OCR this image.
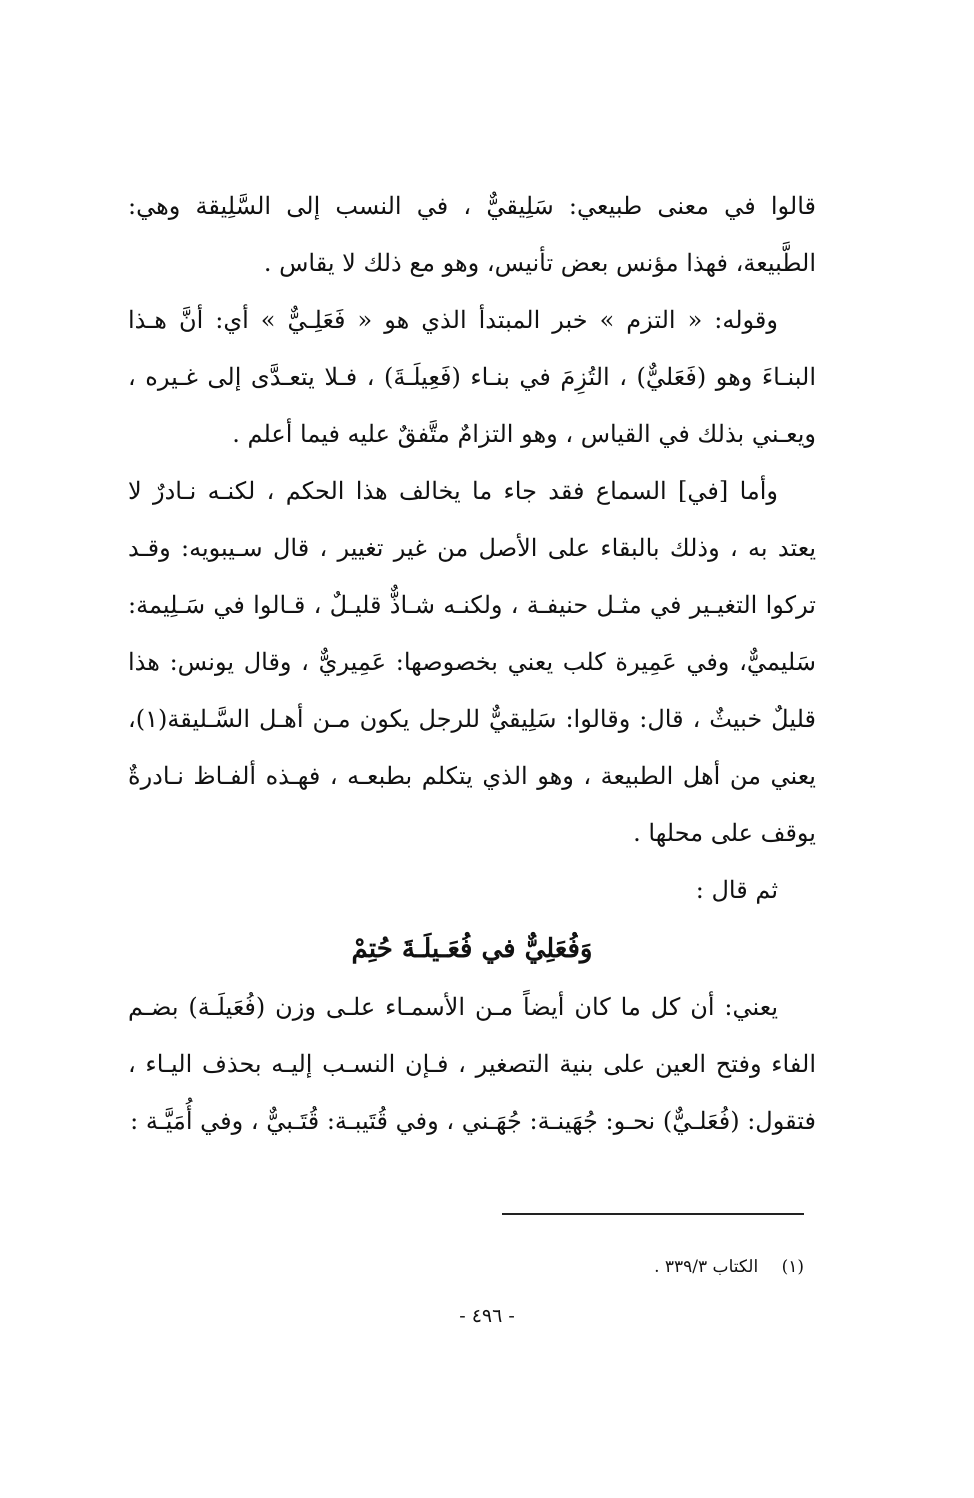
قالوا في معنى طبيعي: سَلِيقيٌّ ، في النسب إلى السَّلِيقة وهي: الطَّبيعة، فهذا مؤنس بعض تأنيس، وهو مع ذلك لا يقاس .

وقوله: « التزم » خبر المبتدأ الذي هو « فَعَلِـيٌّ » أي: أنَّ هـذا البنـاءَ وهو (فَعَليٌّ) ، التُزِمَ في بنـاء (فَعِيلَـةَ) ، فـلا يتعـدَّى إلى غـيره ، ويعـني بذلك في القياس ، وهو التزامٌ متَّفقٌ عليه فيما أعلم .

وأما [في] السماع فقد جاء ما يخالف هذا الحكم ، لكنـه نـادرٌ لا يعتد به ، وذلك بالبقاء على الأصل من غير تغيير ، قال سـيبويه: وقـد تركوا التغيـير في مثـل حنيفـة ، ولكنـه شـاذٌّ قليـلٌ ، قـالوا في سَـلِيمة: سَليميٌّ، وفي عَمِيرة كلب يعني بخصوصها: عَمِيريٌّ ، وقال يونس: هذا قليلٌ خبيثٌ ، قال: وقالوا: سَلِيقيٌّ للرجل يكون مـن أهـل السَّـليقة(١)، يعني من أهل الطبيعة ، وهو الذي يتكلم بطبعـه ، فهـذه ألفـاظ نـادرةٌ يوقف على محلها .

ثم قال :

وَفُعَلِيٌّ في فُعَـيلَـةَ حُتِمْ

يعني: أن كل ما كان أيضاً مـن الأسمـاء علـى وزن (فُعَيلَـة) بضـم الفاء وفتح العين على بنية التصغير ، فـإن النسـب إليـه بحذف اليـاء ، فتقول: (فُعَلـيٌّ) نحـو: جُهَينـة: جُهَـني ، وفي قُتَيبـة: قُتَـبيٌّ ، وفي أُمَيَّـة :

(١) الكتاب ٣٣٩/٣ .
- ٤٩٦ -
